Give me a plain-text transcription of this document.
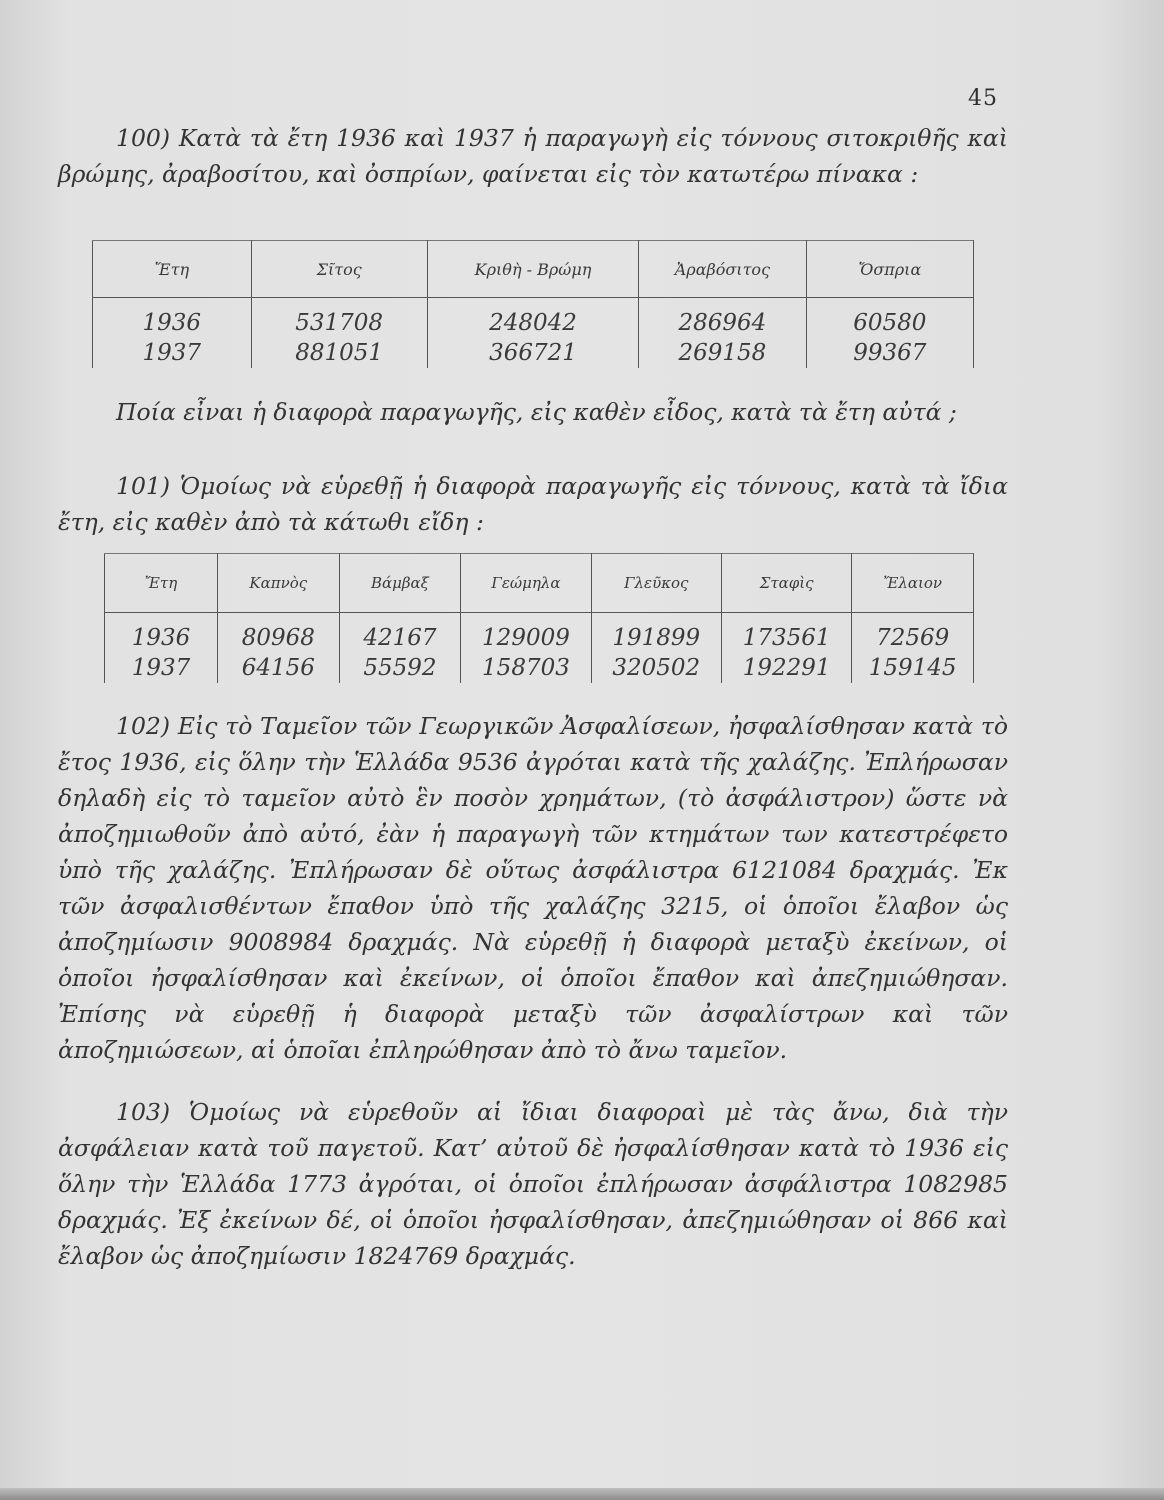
45

100) Κατὰ τὰ ἔτη 1936 καὶ 1937 ἡ παραγωγὴ εἰς τόννους σιτοκριθῆς καὶ βρώμης, ἀραβοσίτου, καὶ ὀσπρίων, φαίνεται εἰς τὸν κατωτέρω πίνακα :

Ἔτη	Σῖτος	Κριθὴ - Βρώμη	Ἀραβόσιτος	Ὄσπρια
1936	531708	248042	286964	60580
1937	881051	366721	269158	99367

Ποία εἶναι ἡ διαφορὰ παραγωγῆς, εἰς καθὲν εἶδος, κατὰ τὰ ἔτη αὐτά ;

101) Ὁμοίως νὰ εὑρεθῇ ἡ διαφορὰ παραγωγῆς εἰς τόννους, κατὰ τὰ ἴδια ἔτη, εἰς καθὲν ἀπὸ τὰ κάτωθι εἴδη :

Ἔτη	Καπνὸς	Βάμβαξ	Γεώμηλα	Γλεῦκος	Σταφὶς	Ἔλαιον
1936	80968	42167	129009	191899	173561	72569
1937	64156	55592	158703	320502	192291	159145

102) Εἰς τὸ Ταμεῖον τῶν Γεωργικῶν Ἀσφαλίσεων, ἠσφαλίσθησαν κατὰ τὸ ἔτος 1936, εἰς ὅλην τὴν Ἑλλάδα 9536 ἀγρόται κατὰ τῆς χαλάζης. Ἐπλήρωσαν δηλαδὴ εἰς τὸ ταμεῖον αὐτὸ ἓν ποσὸν χρημάτων, (τὸ ἀσφάλιστρον) ὥστε νὰ ἀποζημιωθοῦν ἀπὸ αὐτό, ἐὰν ἡ παραγωγὴ τῶν κτημάτων των κατεστρέφετο ὑπὸ τῆς χαλάζης. Ἐπλήρωσαν δὲ οὕτως ἀσφάλιστρα 6121084 δραχμάς. Ἐκ τῶν ἀσφαλισθέντων ἔπαθον ὑπὸ τῆς χαλάζης 3215, οἱ ὁποῖοι ἔλαβον ὡς ἀποζημίωσιν 9008984 δραχμάς. Νὰ εὑρεθῇ ἡ διαφορὰ μεταξὺ ἐκείνων, οἱ ὁποῖοι ἠσφαλίσθησαν καὶ ἐκείνων, οἱ ὁποῖοι ἔπαθον καὶ ἀπεζημιώθησαν. Ἐπίσης νὰ εὑρεθῇ ἡ διαφορὰ μεταξὺ τῶν ἀσφαλίστρων καὶ τῶν ἀποζημιώσεων, αἱ ὁποῖαι ἐπληρώθησαν ἀπὸ τὸ ἄνω ταμεῖον.

103) Ὁμοίως νὰ εὑρεθοῦν αἱ ἴδιαι διαφοραὶ μὲ τὰς ἄνω, διὰ τὴν ἀσφάλειαν κατὰ τοῦ παγετοῦ. Κατ’ αὐτοῦ δὲ ἠσφαλίσθησαν κατὰ τὸ 1936 εἰς ὅλην τὴν Ἑλλάδα 1773 ἀγρόται, οἱ ὁποῖοι ἐπλήρωσαν ἀσφάλιστρα 1082985 δραχμάς. Ἐξ ἐκείνων δέ, οἱ ὁποῖοι ἠσφαλίσθησαν, ἀπεζημιώθησαν οἱ 866 καὶ ἔλαβον ὡς ἀποζημίωσιν 1824769 δραχμάς.
